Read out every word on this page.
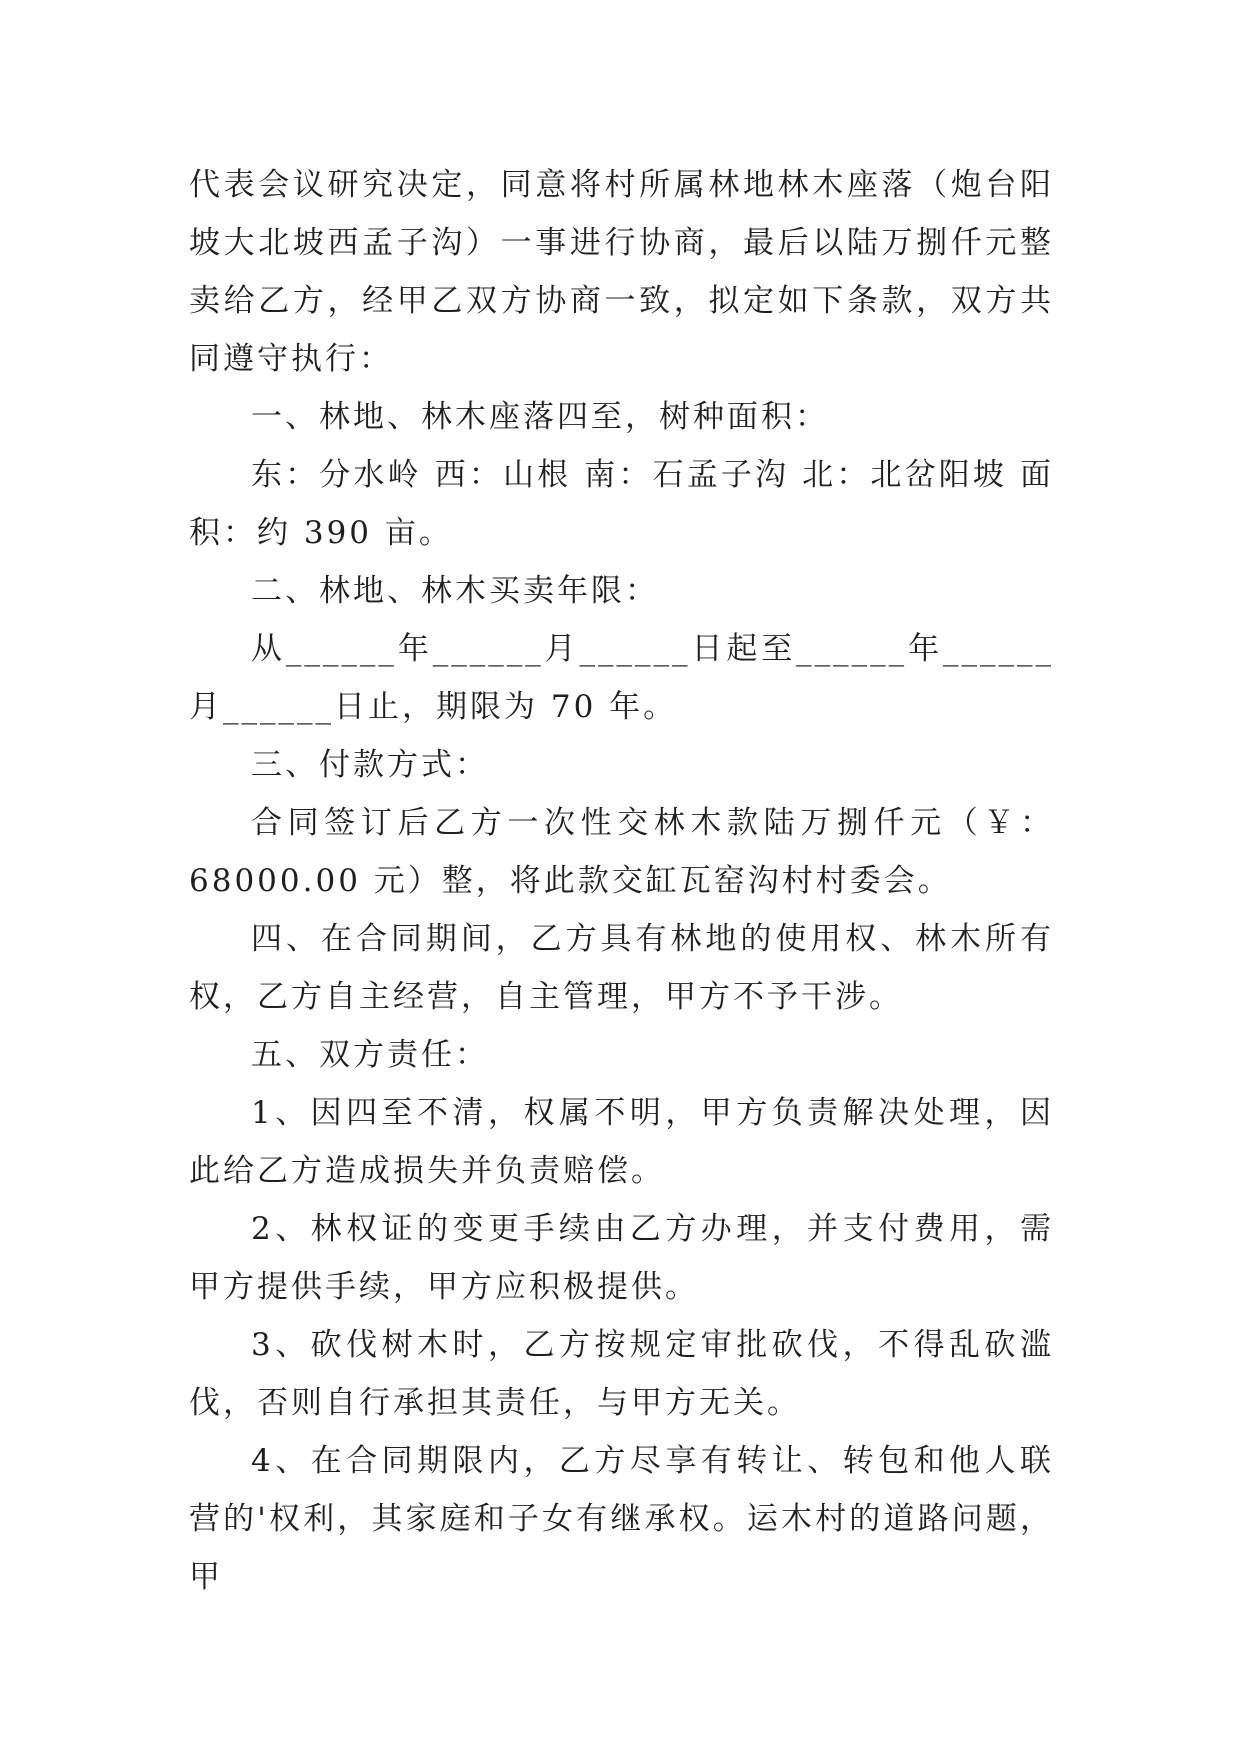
代表会议研究决定，同意将村所属林地林木座落（炮台阳坡大北坡西孟子沟）一事进行协商，最后以陆万捌仟元整卖给乙方，经甲乙双方协商一致，拟定如下条款，双方共同遵守执行：

一、林地、林木座落四至，树种面积：

东：分水岭 西：山根 南：石孟子沟 北：北岔阳坡 面积：约 390 亩。

二、林地、林木买卖年限：

从______年______月______日起至______年______月______日止，期限为 70 年。

三、付款方式：

合同签订后乙方一次性交林木款陆万捌仟元（￥：68000.00 元）整，将此款交缸瓦窑沟村村委会。

四、在合同期间，乙方具有林地的使用权、林木所有权，乙方自主经营，自主管理，甲方不予干涉。

五、双方责任：

1、因四至不清，权属不明，甲方负责解决处理，因此给乙方造成损失并负责赔偿。

2、林权证的变更手续由乙方办理，并支付费用，需甲方提供手续，甲方应积极提供。

3、砍伐树木时，乙方按规定审批砍伐，不得乱砍滥伐，否则自行承担其责任，与甲方无关。

4、在合同期限内，乙方尽享有转让、转包和他人联营的'权利，其家庭和子女有继承权。运木村的道路问题，甲
